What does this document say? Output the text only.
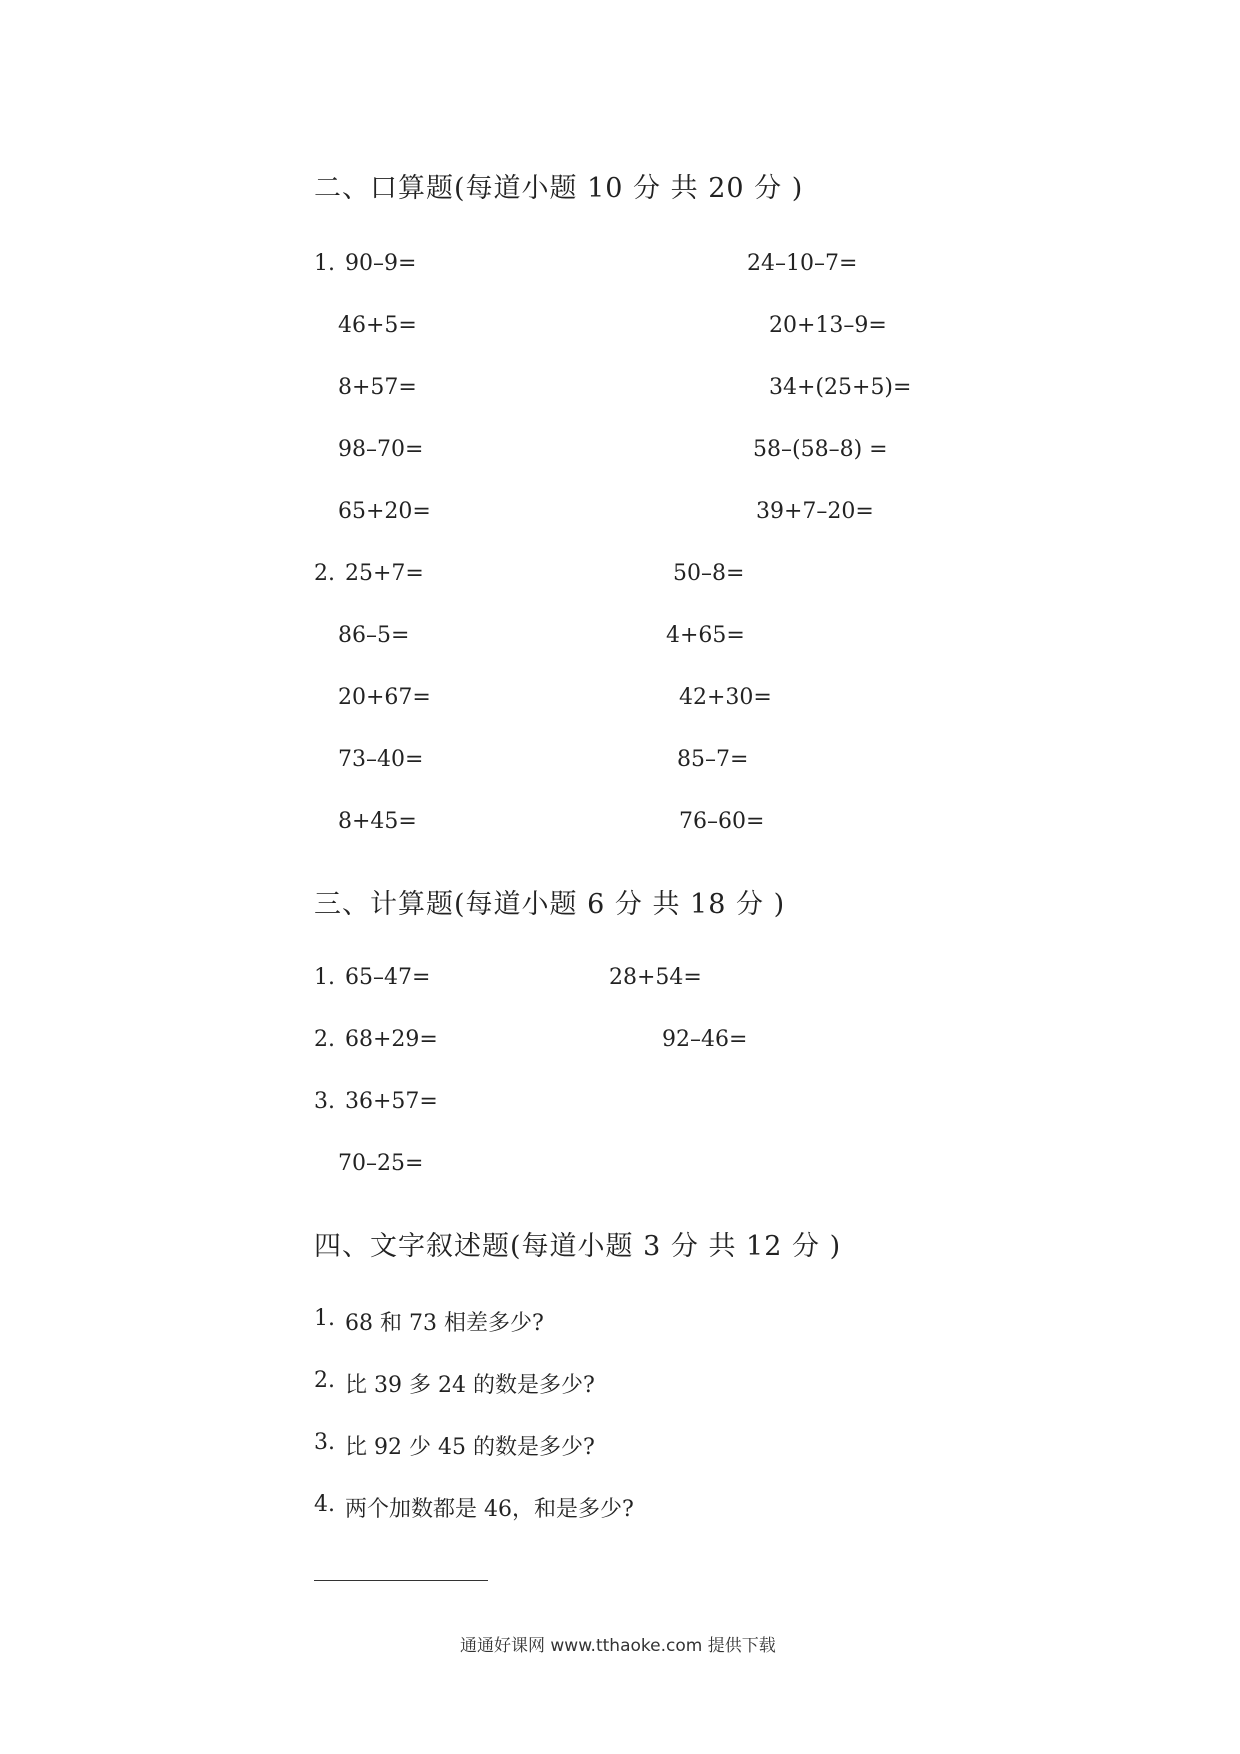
二、口算题(每道小题 10 分 共 20 分 )
1. 90–9=
46+5=
8+57=
98–70=
65+20=
24–10–7=
20+13–9=
34+(25+5)=
58–(58–8) =
39+7–20=
2. 25+7=
86–5=
20+67=
73–40=
8+45=
50–8=
4+65=
42+30=
85–7=
76–60=
三、计算题(每道小题 6 分 共 18 分 )
1. 65–47=	28+54=
2. 68+29=	92–46=
3. 36+57=
70–25=
四、文字叙述题(每道小题 3 分 共 12 分 )
1. 68 和 73 相差多少?
2. 比 39 多 24 的数是多少?
3. 比 92 少 45 的数是多少?
4. 两个加数都是 46，和是多少?
通通好课网 www.tthaoke.com 提供下载
